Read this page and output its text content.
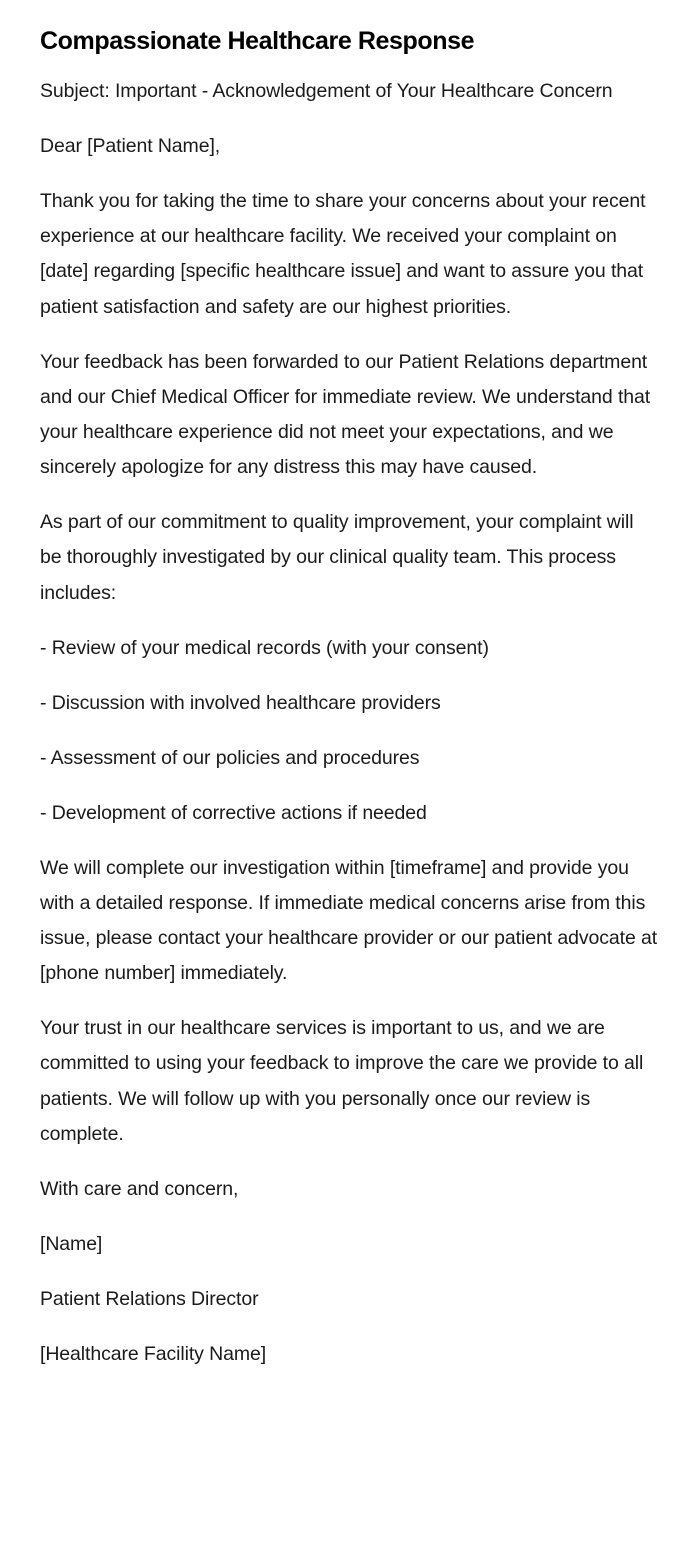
Compassionate Healthcare Response

Subject: Important - Acknowledgement of Your Healthcare Concern

Dear [Patient Name],

Thank you for taking the time to share your concerns about your recent experience at our healthcare facility. We received your complaint on [date] regarding [specific healthcare issue] and want to assure you that patient satisfaction and safety are our highest priorities.

Your feedback has been forwarded to our Patient Relations department and our Chief Medical Officer for immediate review. We understand that your healthcare experience did not meet your expectations, and we sincerely apologize for any distress this may have caused.

As part of our commitment to quality improvement, your complaint will be thoroughly investigated by our clinical quality team. This process includes:

- Review of your medical records (with your consent)

- Discussion with involved healthcare providers

- Assessment of our policies and procedures

- Development of corrective actions if needed

We will complete our investigation within [timeframe] and provide you with a detailed response. If immediate medical concerns arise from this issue, please contact your healthcare provider or our patient advocate at [phone number] immediately.

Your trust in our healthcare services is important to us, and we are committed to using your feedback to improve the care we provide to all patients. We will follow up with you personally once our review is complete.

With care and concern,

[Name]

Patient Relations Director

[Healthcare Facility Name]
